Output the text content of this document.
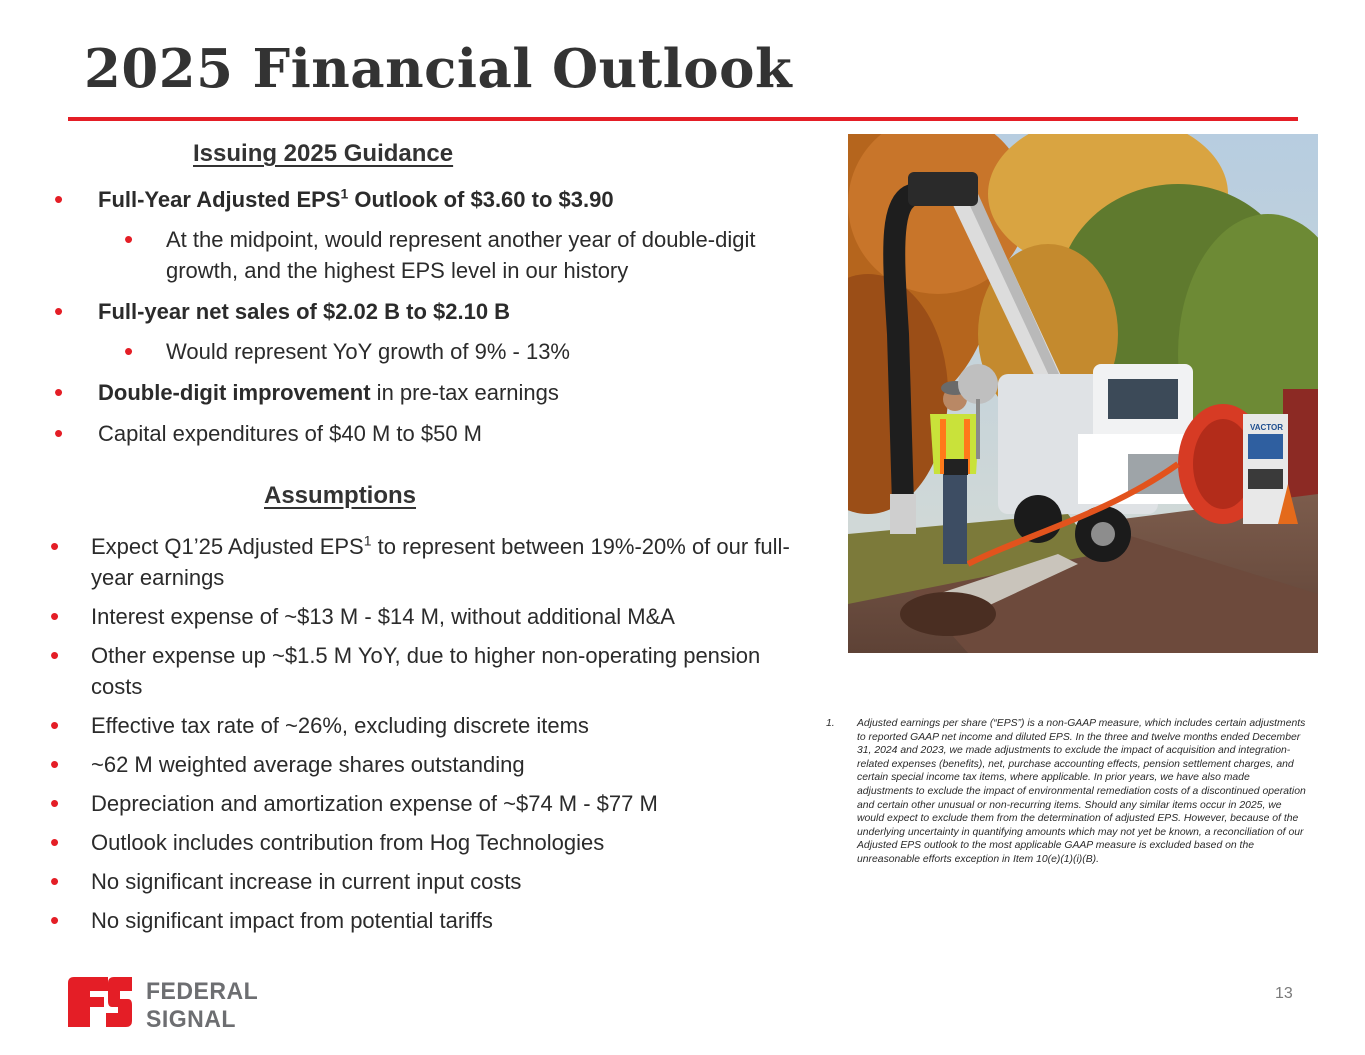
2025 Financial Outlook
Issuing 2025 Guidance
• Full-Year Adjusted EPS$^1$ Outlook of $3.60 to $3.90
• At the midpoint, would represent another year of double-digit growth, and the highest EPS level in our history
• Full-year net sales of $2.02 B to $2.10 B
• Would represent YoY growth of 9% - 13%
• Double-digit improvement in pre-tax earnings
• Capital expenditures of $40 M to $50 M
Assumptions
• Expect Q1’25 Adjusted EPS$^1$ to represent between 19%-20% of our full-year earnings
• Interest expense of ~$13 M - $14 M, without additional M&A
• Other expense up ~$1.5 M YoY, due to higher non-operating pension costs
• Effective tax rate of ~26%, excluding discrete items
• ~62 M weighted average shares outstanding
• Depreciation and amortization expense of ~$74 M - $77 M
• Outlook includes contribution from Hog Technologies
• No significant increase in current input costs
• No significant impact from potential tariffs
VACTOR
1.	Adjusted earnings per share (“EPS”) is a non-GAAP measure, which includes certain adjustments to reported GAAP net income and diluted EPS. In the three and twelve months ended December 31, 2024 and 2023, we made adjustments to exclude the impact of acquisition and integration-related expenses (benefits), net, purchase accounting effects, pension settlement charges, and certain special income tax items, where applicable. In prior years, we have also made adjustments to exclude the impact of environmental remediation costs of a discontinued operation and certain other unusual or non-recurring items. Should any similar items occur in 2025, we would expect to exclude them from the determination of adjusted EPS. However, because of the underlying uncertainty in quantifying amounts which may not yet be known, a reconciliation of our Adjusted EPS outlook to the most applicable GAAP measure is excluded based on the unreasonable efforts exception in Item 10(e)(1)(i)(B).
FEDERAL SIGNAL
13
